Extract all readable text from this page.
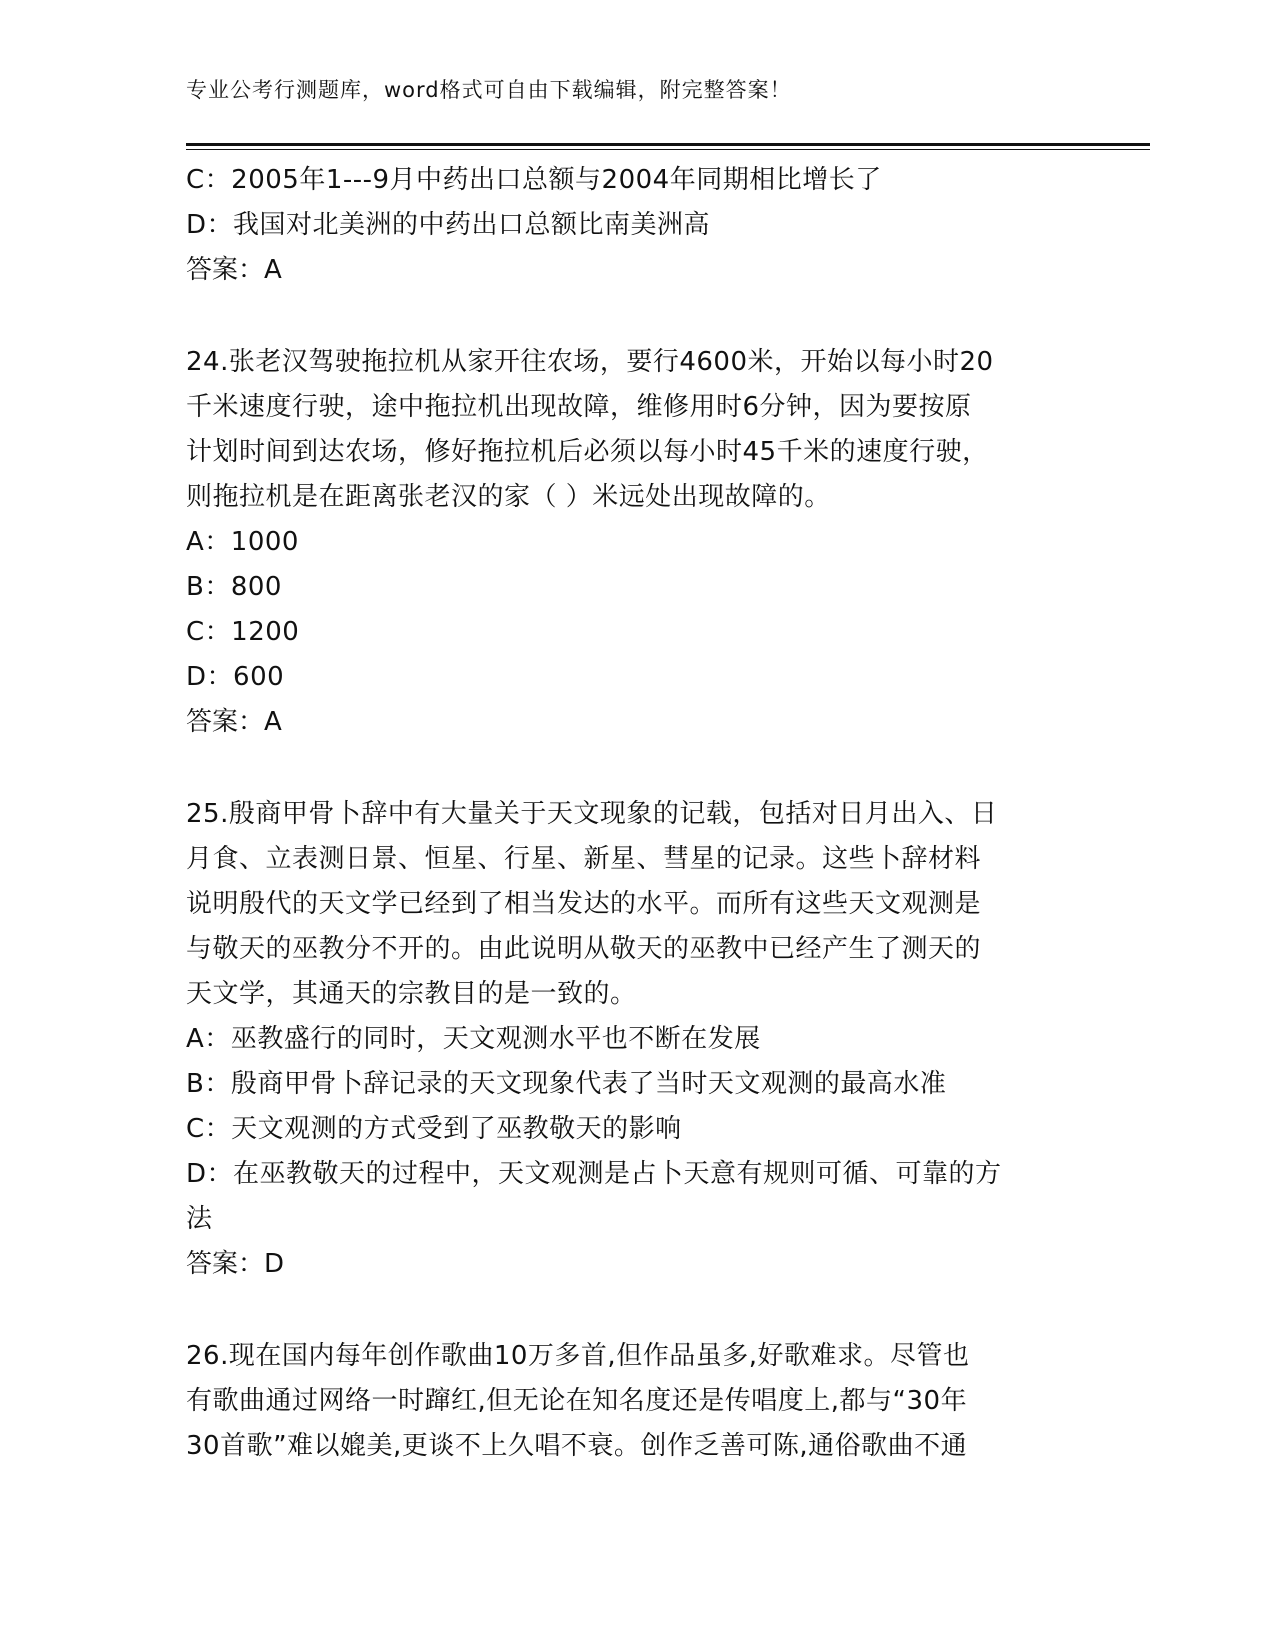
专业公考行测题库，word格式可自由下载编辑，附完整答案！
C：2005年1---9月中药出口总额与2004年同期相比增长了
D：我国对北美洲的中药出口总额比南美洲高
答案：A
24.张老汉驾驶拖拉机从家开往农场，要行4600米，开始以每小时20
千米速度行驶，途中拖拉机出现故障，维修用时6分钟，因为要按原
计划时间到达农场，修好拖拉机后必须以每小时45千米的速度行驶，
则拖拉机是在距离张老汉的家（ ）米远处出现故障的。
A：1000
B：800
C：1200
D：600
答案：A
25.殷商甲骨卜辞中有大量关于天文现象的记载，包括对日月出入、日
月食、立表测日景、恒星、行星、新星、彗星的记录。这些卜辞材料
说明殷代的天文学已经到了相当发达的水平。而所有这些天文观测是
与敬天的巫教分不开的。由此说明从敬天的巫教中已经产生了测天的
天文学，其通天的宗教目的是一致的。
A：巫教盛行的同时，天文观测水平也不断在发展
B：殷商甲骨卜辞记录的天文现象代表了当时天文观测的最高水准
C：天文观测的方式受到了巫教敬天的影响
D：在巫教敬天的过程中，天文观测是占卜天意有规则可循、可靠的方
法
答案：D
26.现在国内每年创作歌曲10万多首,但作品虽多,好歌难求。尽管也
有歌曲通过网络一时蹿红,但无论在知名度还是传唱度上,都与“30年
30首歌”难以媲美,更谈不上久唱不衰。创作乏善可陈,通俗歌曲不通
